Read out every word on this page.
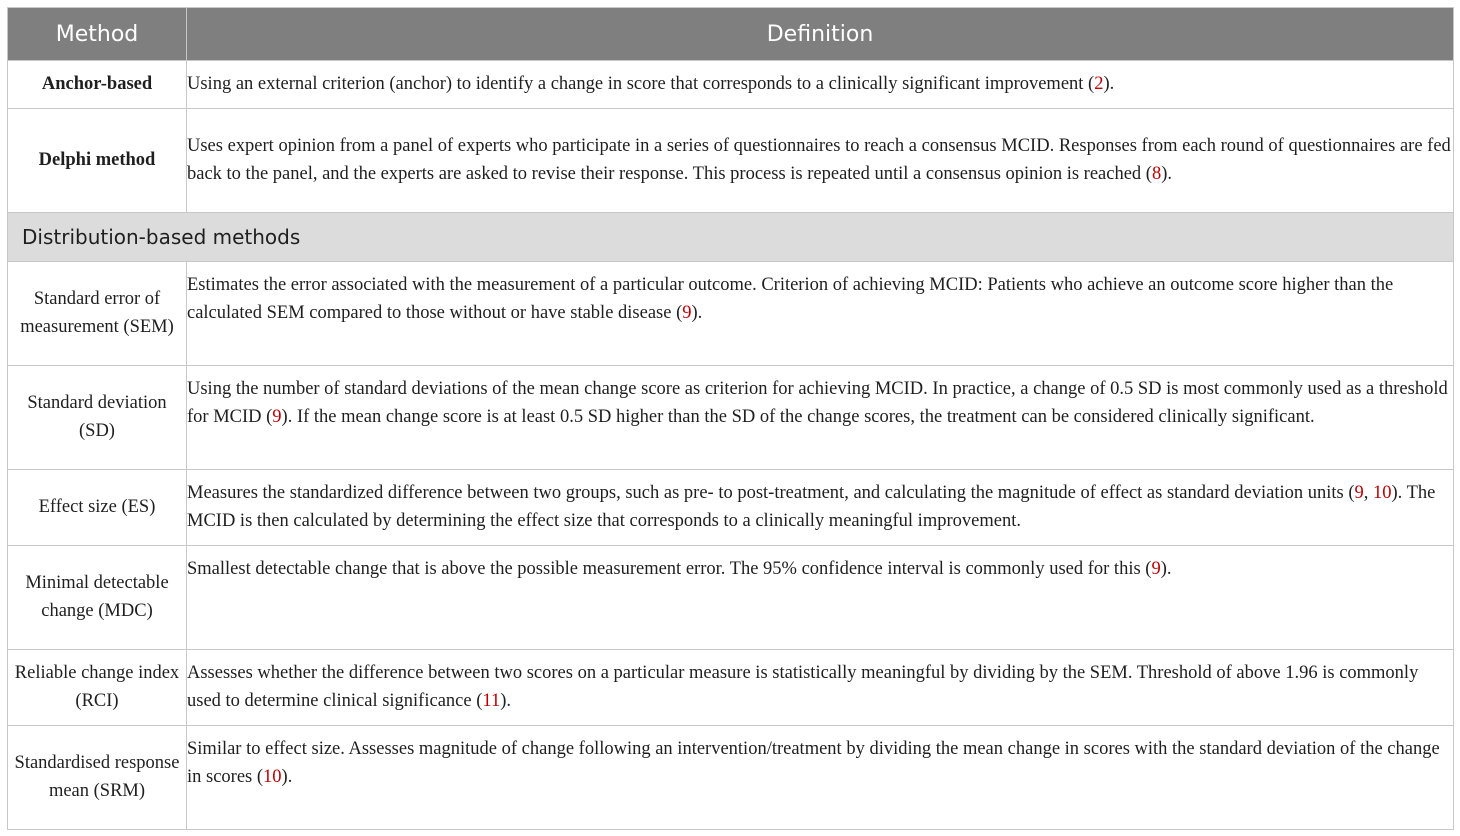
Method	Definition
Anchor-based	Using an external criterion (anchor) to identify a change in score that corresponds to a clinically significant improvement (2).
Delphi method	Uses expert opinion from a panel of experts who participate in a series of questionnaires to reach a consensus MCID. Responses from each round of questionnaires are fed back to the panel, and the experts are asked to revise their response. This process is repeated until a consensus opinion is reached (8).
Distribution-based methods	
Standard error of measurement (SEM)	Estimates the error associated with the measurement of a particular outcome. Criterion of achieving MCID: Patients who achieve an outcome score higher than the calculated SEM compared to those without or have stable disease (9).
Standard deviation (SD)	Using the number of standard deviations of the mean change score as criterion for achieving MCID. In practice, a change of 0.5 SD is most commonly used as a threshold for MCID (9). If the mean change score is at least 0.5 SD higher than the SD of the change scores, the treatment can be considered clinically significant.
Effect size (ES)	Measures the standardized difference between two groups, such as pre- to post-treatment, and calculating the magnitude of effect as standard deviation units (9, 10). The MCID is then calculated by determining the effect size that corresponds to a clinically meaningful improvement.
Minimal detectable change (MDC)	Smallest detectable change that is above the possible measurement error. The 95% confidence interval is commonly used for this (9).
Reliable change index (RCI)	Assesses whether the difference between two scores on a particular measure is statistically meaningful by dividing by the SEM. Threshold of above 1.96 is commonly used to determine clinical significance (11).
Standardised response mean (SRM)	Similar to effect size. Assesses magnitude of change following an intervention/treatment by dividing the mean change in scores with the standard deviation of the change in scores (10).
